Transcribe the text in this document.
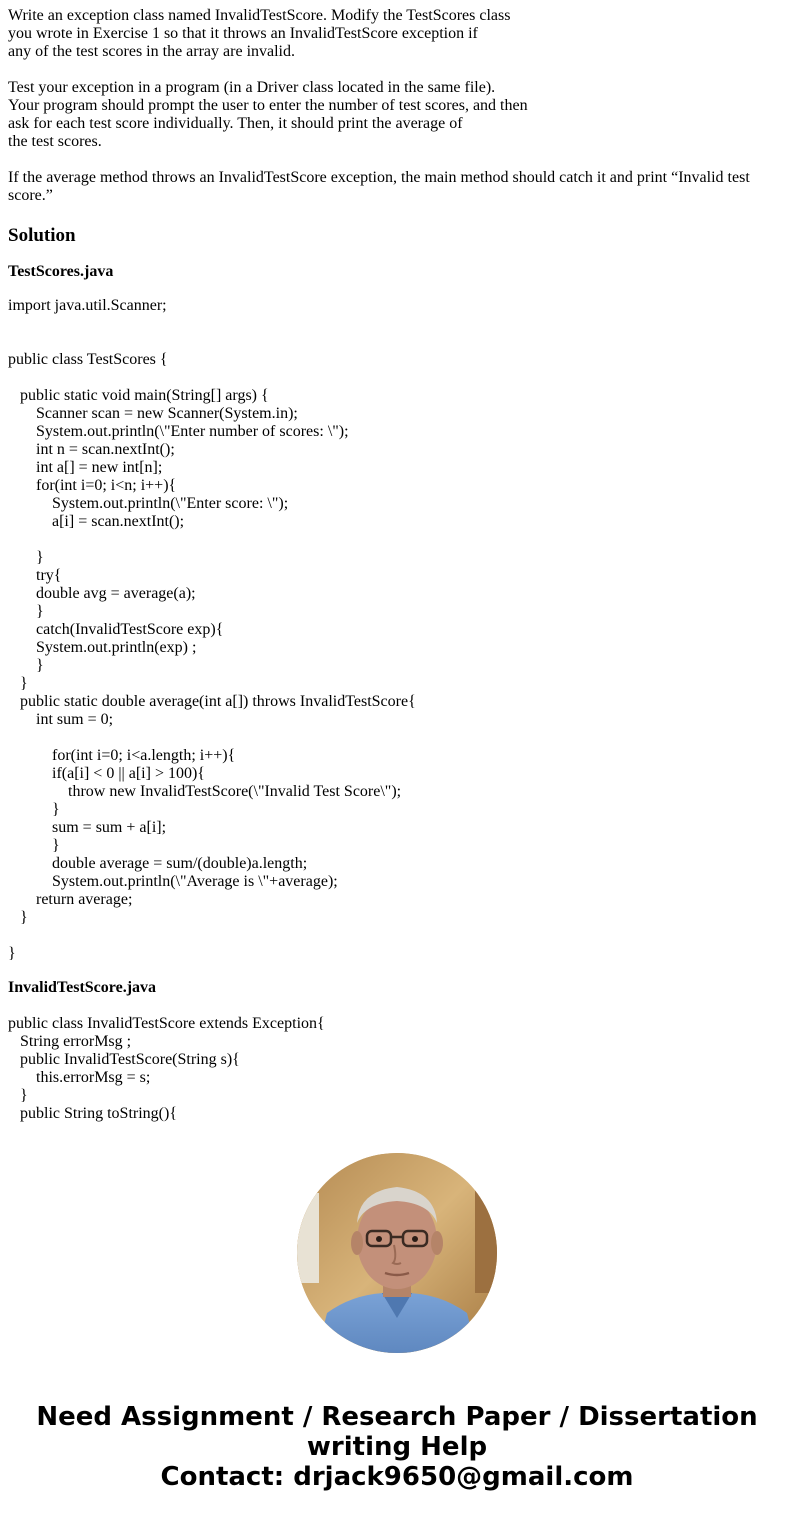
Write an exception class named InvalidTestScore. Modify the TestScores class
you wrote in Exercise 1 so that it throws an InvalidTestScore exception if
any of the test scores in the array are invalid.

Test your exception in a program (in a Driver class located in the same file).
Your program should prompt the user to enter the number of test scores, and then
ask for each test score individually. Then, it should print the average of
the test scores.

If the average method throws an InvalidTestScore exception, the main method should catch it and print “Invalid test score.”

Solution
TestScores.java
import java.util.Scanner;
public class TestScores {
public static void main(String[] args) {
Scanner scan = new Scanner(System.in);
System.out.println(\"Enter number of scores: \");
int n = scan.nextInt();
int a[] = new int[n];
for(int i=0; i<n; i++){
System.out.println(\"Enter score: \");
a[i] = scan.nextInt();
}
try{
double avg = average(a);
}
catch(InvalidTestScore exp){
System.out.println(exp) ;
}
}
public static double average(int a[]) throws InvalidTestScore{
int sum = 0;
for(int i=0; i<a.length; i++){
if(a[i] < 0 || a[i] > 100){
throw new InvalidTestScore(\"Invalid Test Score\");
}
sum = sum + a[i];
}
double average = sum/(double)a.length;
System.out.println(\"Average is \"+average);
return average;
}
}
InvalidTestScore.java
public class InvalidTestScore extends Exception{
String errorMsg ;
public InvalidTestScore(String s){
this.errorMsg = s;
}
public String toString(){
Need Assignment / Research Paper / Dissertation
writing Help
Contact: drjack9650@gmail.com
